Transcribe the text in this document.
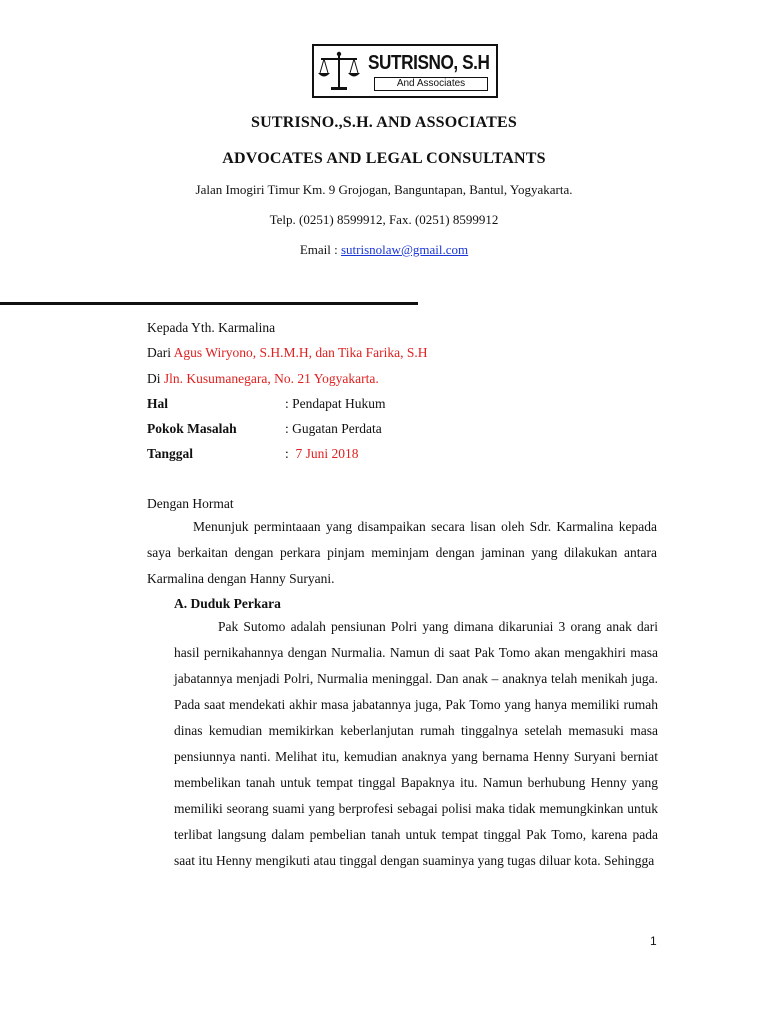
SUTRISNO, S.H
And Associates
SUTRISNO.,S.H. AND ASSOCIATES
ADVOCATES AND LEGAL CONSULTANTS
Jalan Imogiri Timur Km. 9 Grojogan, Banguntapan, Bantul, Yogyakarta.
Telp. (0251) 8599912, Fax. (0251) 8599912
Email : sutrisnolaw@gmail.com
Kepada Yth. Karmalina
Dari Agus Wiryono, S.H.M.H, dan Tika Farika, S.H
Di Jln. Kusumanegara, No. 21 Yogyakarta.
Hal	: Pendapat Hukum
Pokok Masalah	: Gugatan Perdata
Tanggal	:  7 Juni 2018
Dengan Hormat
Menunjuk permintaaan yang disampaikan secara lisan oleh Sdr. Karmalina kepada saya berkaitan dengan perkara pinjam meminjam dengan jaminan yang dilakukan antara Karmalina dengan Hanny Suryani.
A. Duduk Perkara
Pak Sutomo adalah pensiunan Polri yang dimana dikaruniai 3 orang anak dari hasil pernikahannya dengan Nurmalia. Namun di saat Pak Tomo akan mengakhiri masa jabatannya menjadi Polri, Nurmalia meninggal. Dan anak – anaknya telah menikah juga. Pada saat mendekati akhir masa jabatannya juga, Pak Tomo yang hanya memiliki rumah dinas kemudian memikirkan keberlanjutan rumah tinggalnya setelah memasuki masa pensiunnya nanti. Melihat itu, kemudian anaknya yang bernama Henny Suryani berniat membelikan tanah untuk tempat tinggal Bapaknya itu. Namun berhubung Henny yang memiliki seorang suami yang berprofesi sebagai polisi maka tidak memungkinkan untuk terlibat langsung dalam pembelian tanah untuk tempat tinggal Pak Tomo, karena pada saat itu Henny mengikuti atau tinggal dengan suaminya yang tugas diluar kota. Sehingga
1
